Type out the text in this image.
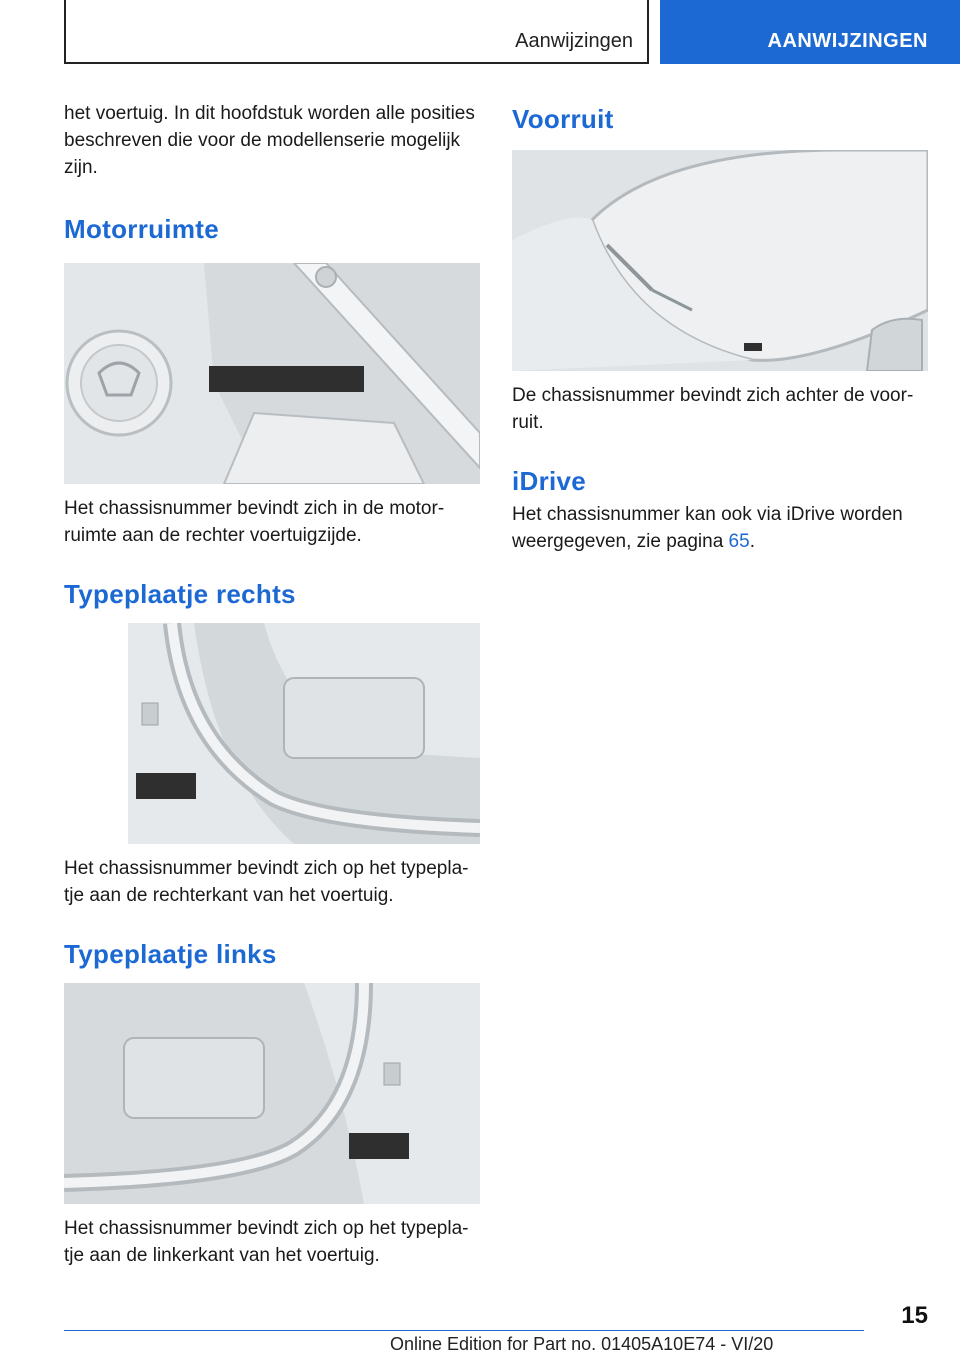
Aanwijzingen	AANWIJZINGEN

het voertuig. In dit hoofdstuk worden alle posities beschreven die voor de modellenserie mogelijk zijn.

Motorruimte

Het chassisnummer bevindt zich in de motorruimte aan de rechter voertuigzijde.

Typeplaatje rechts

Het chassisnummer bevindt zich op het typeplatje aan de rechterkant van het voertuig.

Typeplaatje links

Het chassisnummer bevindt zich op het typeplatje aan de linkerkant van het voertuig.

Voorruit

De chassisnummer bevindt zich achter de voorruit.

iDrive

Het chassisnummer kan ook via iDrive worden weergegeven, zie pagina 65.

15
Online Edition for Part no. 01405A10E74 - VI/20
